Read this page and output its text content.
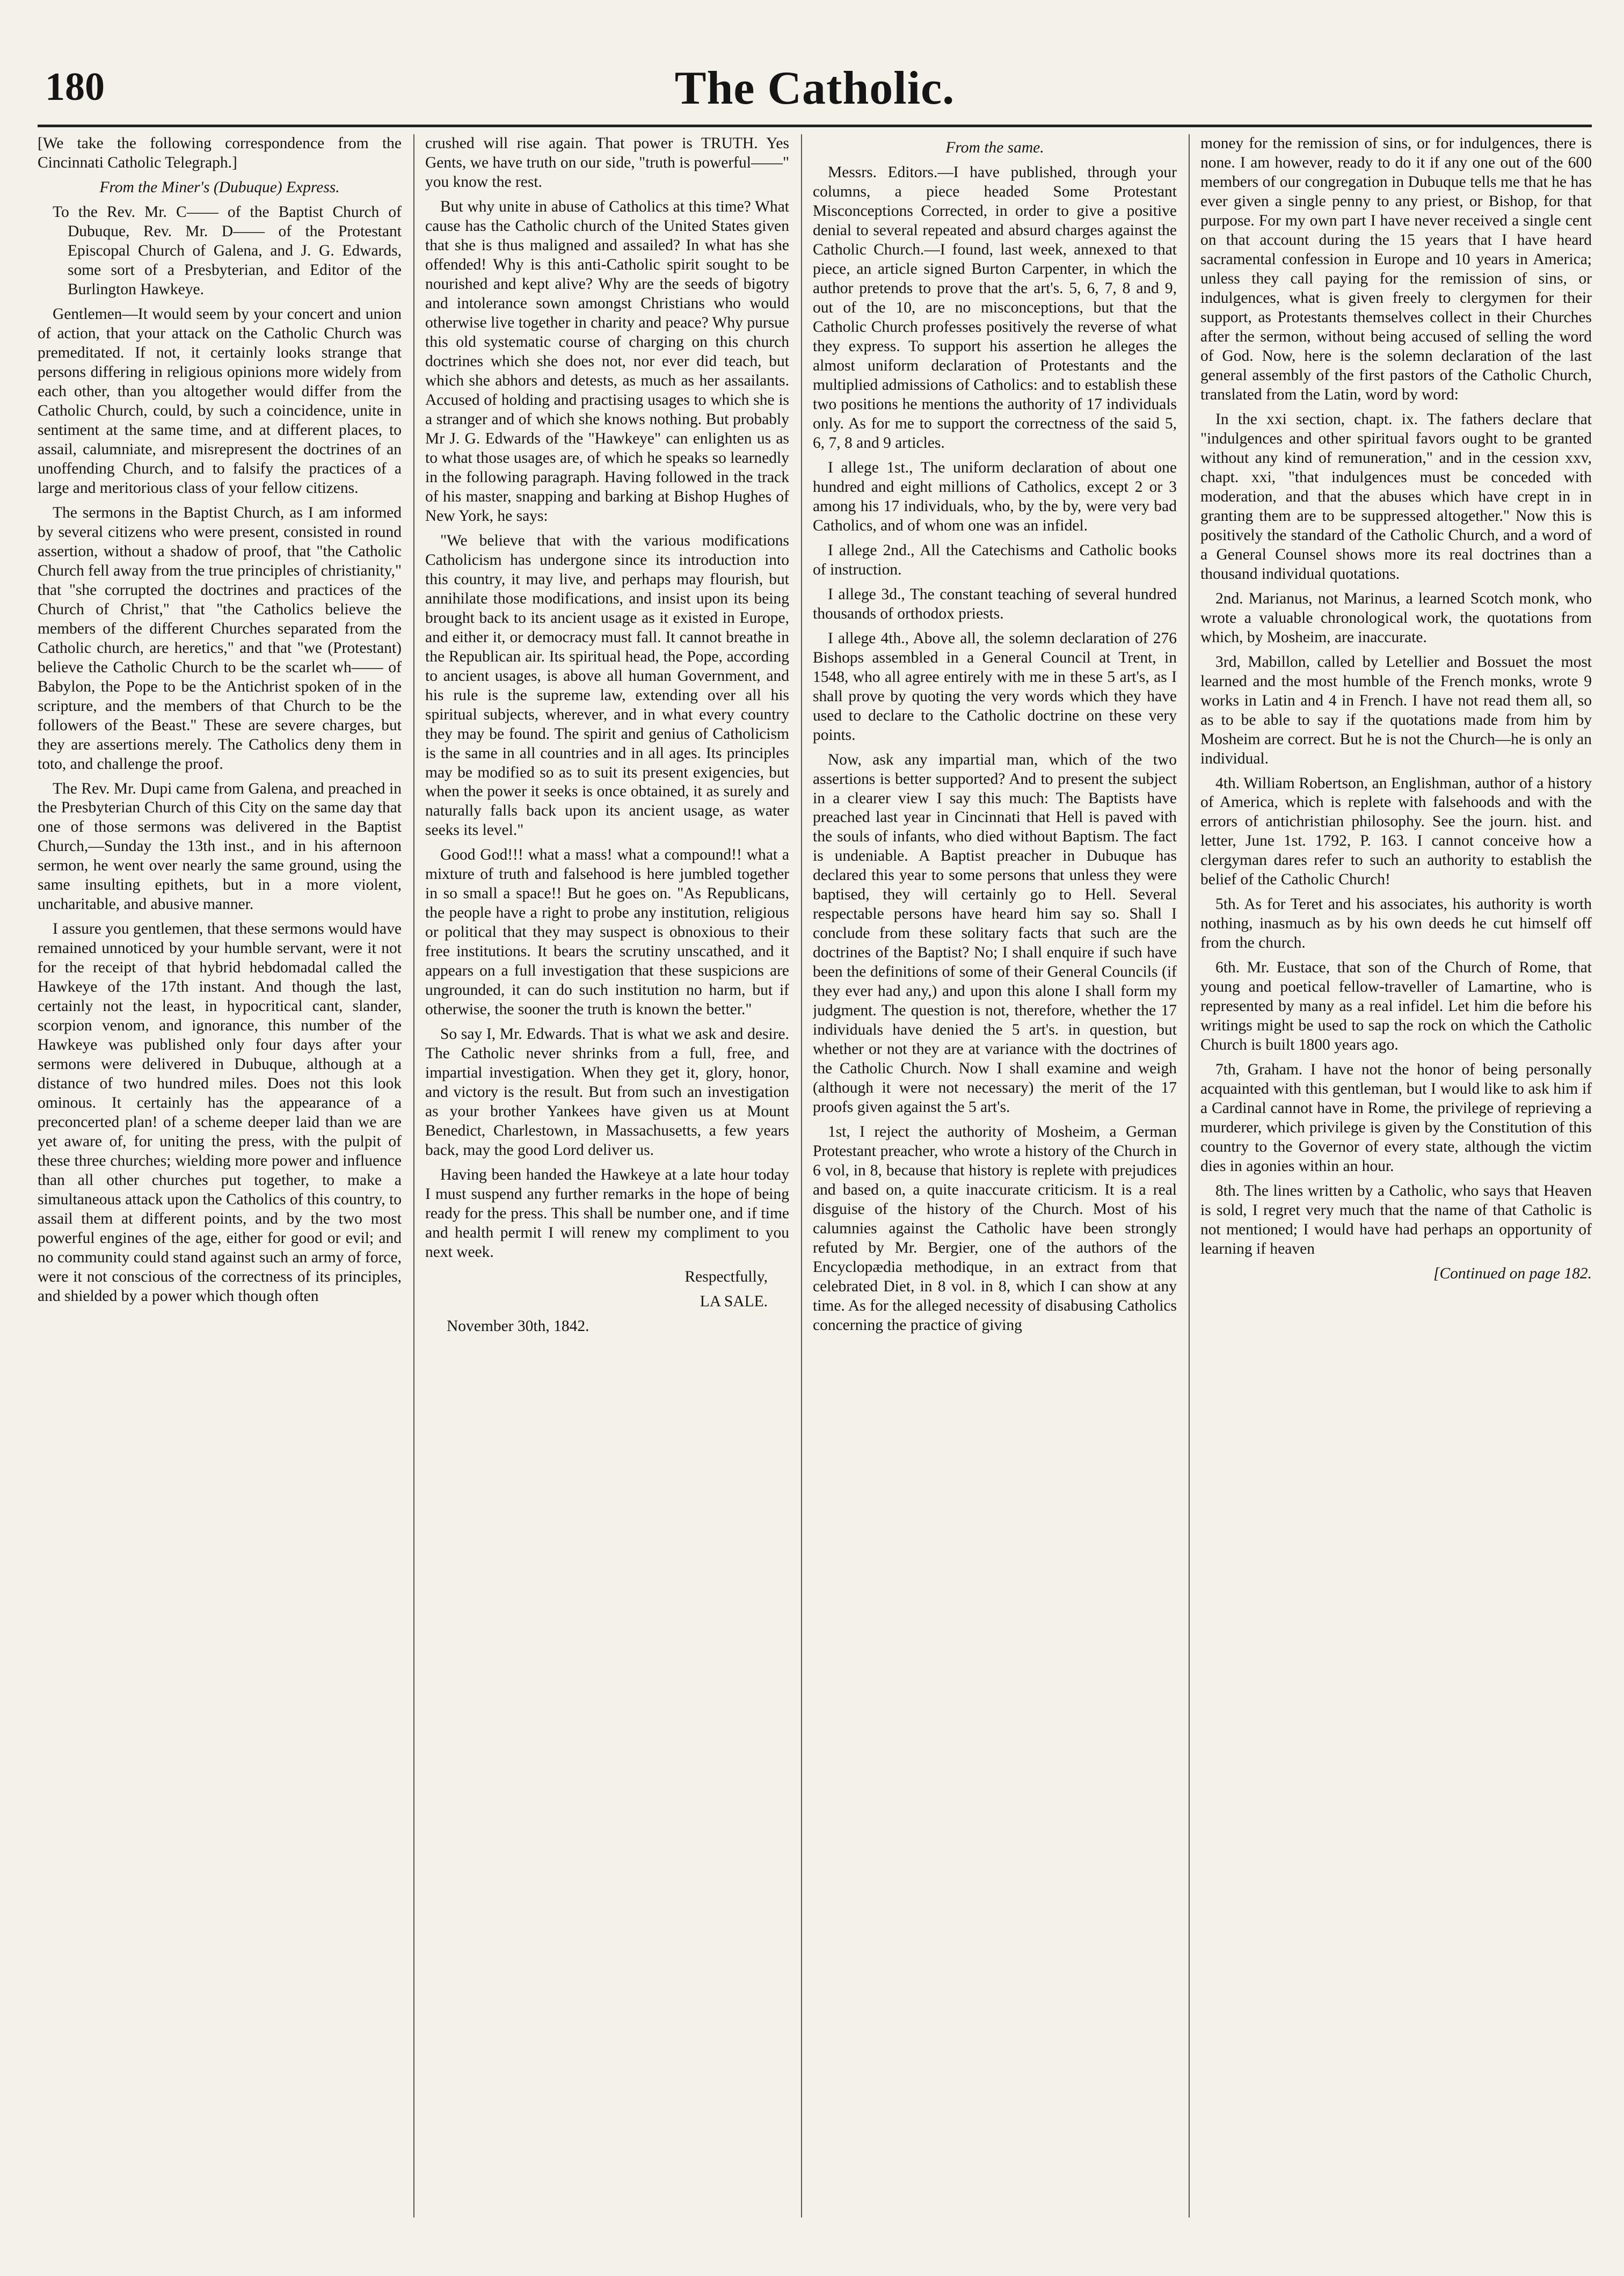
180	The Catholic.

[We take the following correspondence from the Cincinnati Catholic Telegraph.]

From the Miner's (Dubuque) Express.

To the Rev. Mr. C—— of the Baptist Church of Dubuque, Rev. Mr. D—— of the Protestant Episcopal Church of Galena, and J. G. Edwards, some sort of a Presbyterian, and Editor of the Burlington Hawkeye.

Gentlemen—It would seem by your concert and union of action, that your attack on the Catholic Church was premeditated. If not, it certainly looks strange that persons differing in religious opinions more widely from each other, than you altogether would differ from the Catholic Church, could, by such a coincidence, unite in sentiment at the same time, and at different places, to assail, calumniate, and misrepresent the doctrines of an unoffending Church, and to falsify the practices of a large and meritorious class of your fellow citizens.

The sermons in the Baptist Church, as I am informed by several citizens who were present, consisted in round assertion, without a shadow of proof, that "the Catholic Church fell away from the true principles of christianity," that "she corrupted the doctrines and practices of the Church of Christ," that "the Catholics believe the members of the different Churches separated from the Catholic church, are heretics," and that "we (Protestant) believe the Catholic Church to be the scarlet wh—— of Babylon, the Pope to be the Antichrist spoken of in the scripture, and the members of that Church to be the followers of the Beast." These are severe charges, but they are assertions merely. The Catholics deny them in toto, and challenge the proof.

The Rev. Mr. Dupi came from Galena, and preached in the Presbyterian Church of this City on the same day that one of those sermons was delivered in the Baptist Church,—Sunday the 13th inst., and in his afternoon sermon, he went over nearly the same ground, using the same insulting epithets, but in a more violent, uncharitable, and abusive manner.

I assure you gentlemen, that these sermons would have remained unnoticed by your humble servant, were it not for the receipt of that hybrid hebdomadal called the Hawkeye of the 17th instant. And though the last, certainly not the least, in hypocritical cant, slander, scorpion venom, and ignorance, this number of the Hawkeye was published only four days after your sermons were delivered in Dubuque, although at a distance of two hundred miles. Does not this look ominous. It certainly has the appearance of a preconcerted plan! of a scheme deeper laid than we are yet aware of, for uniting the press, with the pulpit of these three churches; wielding more power and influence than all other churches put together, to make a simultaneous attack upon the Catholics of this country, to assail them at different points, and by the two most powerful engines of the age, either for good or evil; and no community could stand against such an army of force, were it not conscious of the correctness of its principles, and shielded by a power which though often

crushed will rise again. That power is TRUTH. Yes Gents, we have truth on our side, "truth is powerful——" you know the rest.

But why unite in abuse of Catholics at this time? What cause has the Catholic church of the United States given that she is thus maligned and assailed? In what has she offended! Why is this anti-Catholic spirit sought to be nourished and kept alive? Why are the seeds of bigotry and intolerance sown amongst Christians who would otherwise live together in charity and peace? Why pursue this old systematic course of charging on this church doctrines which she does not, nor ever did teach, but which she abhors and detests, as much as her assailants. Accused of holding and practising usages to which she is a stranger and of which she knows nothing. But probably Mr J. G. Edwards of the "Hawkeye" can enlighten us as to what those usages are, of which he speaks so learnedly in the following paragraph. Having followed in the track of his master, snapping and barking at Bishop Hughes of New York, he says:

"We believe that with the various modifications Catholicism has undergone since its introduction into this country, it may live, and perhaps may flourish, but annihilate those modifications, and insist upon its being brought back to its ancient usage as it existed in Europe, and either it, or democracy must fall. It cannot breathe in the Republican air. Its spiritual head, the Pope, according to ancient usages, is above all human Government, and his rule is the supreme law, extending over all his spiritual subjects, wherever, and in what every country they may be found. The spirit and genius of Catholicism is the same in all countries and in all ages. Its principles may be modified so as to suit its present exigencies, but when the power it seeks is once obtained, it as surely and naturally falls back upon its ancient usage, as water seeks its level."

Good God!!! what a mass! what a compound!! what a mixture of truth and falsehood is here jumbled together in so small a space!! But he goes on. "As Republicans, the people have a right to probe any institution, religious or political that they may suspect is obnoxious to their free institutions. It bears the scrutiny unscathed, and it appears on a full investigation that these suspicions are ungrounded, it can do such institution no harm, but if otherwise, the sooner the truth is known the better."

So say I, Mr. Edwards. That is what we ask and desire. The Catholic never shrinks from a full, free, and impartial investigation. When they get it, glory, honor, and victory is the result. But from such an investigation as your brother Yankees have given us at Mount Benedict, Charlestown, in Massachusetts, a few years back, may the good Lord deliver us.

Having been handed the Hawkeye at a late hour today I must suspend any further remarks in the hope of being ready for the press. This shall be number one, and if time and health permit I will renew my compliment to you next week.

Respectfully,

LA SALE.

November 30th, 1842.

From the same.

Messrs. Editors.—I have published, through your columns, a piece headed Some Protestant Misconceptions Corrected, in order to give a positive denial to several repeated and absurd charges against the Catholic Church.—I found, last week, annexed to that piece, an article signed Burton Carpenter, in which the author pretends to prove that the art's. 5, 6, 7, 8 and 9, out of the 10, are no misconceptions, but that the Catholic Church professes positively the reverse of what they express. To support his assertion he alleges the almost uniform declaration of Protestants and the multiplied admissions of Catholics: and to establish these two positions he mentions the authority of 17 individuals only. As for me to support the correctness of the said 5, 6, 7, 8 and 9 articles.

I allege 1st., The uniform declaration of about one hundred and eight millions of Catholics, except 2 or 3 among his 17 individuals, who, by the by, were very bad Catholics, and of whom one was an infidel.

I allege 2nd., All the Catechisms and Catholic books of instruction.

I allege 3d., The constant teaching of several hundred thousands of orthodox priests.

I allege 4th., Above all, the solemn declaration of 276 Bishops assembled in a General Council at Trent, in 1548, who all agree entirely with me in these 5 art's, as I shall prove by quoting the very words which they have used to declare to the Catholic doctrine on these very points.

Now, ask any impartial man, which of the two assertions is better supported? And to present the subject in a clearer view I say this much: The Baptists have preached last year in Cincinnati that Hell is paved with the souls of infants, who died without Baptism. The fact is undeniable. A Baptist preacher in Dubuque has declared this year to some persons that unless they were baptised, they will certainly go to Hell. Several respectable persons have heard him say so. Shall I conclude from these solitary facts that such are the doctrines of the Baptist? No; I shall enquire if such have been the definitions of some of their General Councils (if they ever had any,) and upon this alone I shall form my judgment. The question is not, therefore, whether the 17 individuals have denied the 5 art's. in question, but whether or not they are at variance with the doctrines of the Catholic Church. Now I shall examine and weigh (although it were not necessary) the merit of the 17 proofs given against the 5 art's.

1st, I reject the authority of Mosheim, a German Protestant preacher, who wrote a history of the Church in 6 vol, in 8, because that history is replete with prejudices and based on, a quite inaccurate criticism. It is a real disguise of the history of the Church. Most of his calumnies against the Catholic have been strongly refuted by Mr. Bergier, one of the authors of the Encyclopædia methodique, in an extract from that celebrated Diet, in 8 vol. in 8, which I can show at any time. As for the alleged necessity of disabusing Catholics concerning the practice of giving

money for the remission of sins, or for indulgences, there is none. I am however, ready to do it if any one out of the 600 members of our congregation in Dubuque tells me that he has ever given a single penny to any priest, or Bishop, for that purpose. For my own part I have never received a single cent on that account during the 15 years that I have heard sacramental confession in Europe and 10 years in America; unless they call paying for the remission of sins, or indulgences, what is given freely to clergymen for their support, as Protestants themselves collect in their Churches after the sermon, without being accused of selling the word of God. Now, here is the solemn declaration of the last general assembly of the first pastors of the Catholic Church, translated from the Latin, word by word:

In the xxi section, chapt. ix. The fathers declare that "indulgences and other spiritual favors ought to be granted without any kind of remuneration," and in the cession xxv, chapt. xxi, "that indulgences must be conceded with moderation, and that the abuses which have crept in in granting them are to be suppressed altogether." Now this is positively the standard of the Catholic Church, and a word of a General Counsel shows more its real doctrines than a thousand individual quotations.

2nd. Marianus, not Marinus, a learned Scotch monk, who wrote a valuable chronological work, the quotations from which, by Mosheim, are inaccurate.

3rd, Mabillon, called by Letellier and Bossuet the most learned and the most humble of the French monks, wrote 9 works in Latin and 4 in French. I have not read them all, so as to be able to say if the quotations made from him by Mosheim are correct. But he is not the Church—he is only an individual.

4th. William Robertson, an Englishman, author of a history of America, which is replete with falsehoods and with the errors of antichristian philosophy. See the journ. hist. and letter, June 1st. 1792, P. 163. I cannot conceive how a clergyman dares refer to such an authority to establish the belief of the Catholic Church!

5th. As for Teret and his associates, his authority is worth nothing, inasmuch as by his own deeds he cut himself off from the church.

6th. Mr. Eustace, that son of the Church of Rome, that young and poetical fellow-traveller of Lamartine, who is represented by many as a real infidel. Let him die before his writings might be used to sap the rock on which the Catholic Church is built 1800 years ago.

7th, Graham. I have not the honor of being personally acquainted with this gentleman, but I would like to ask him if a Cardinal cannot have in Rome, the privilege of reprieving a murderer, which privilege is given by the Constitution of this country to the Governor of every state, although the victim dies in agonies within an hour.

8th. The lines written by a Catholic, who says that Heaven is sold, I regret very much that the name of that Catholic is not mentioned; I would have had perhaps an opportunity of learning if heaven

[Continued on page 182.
